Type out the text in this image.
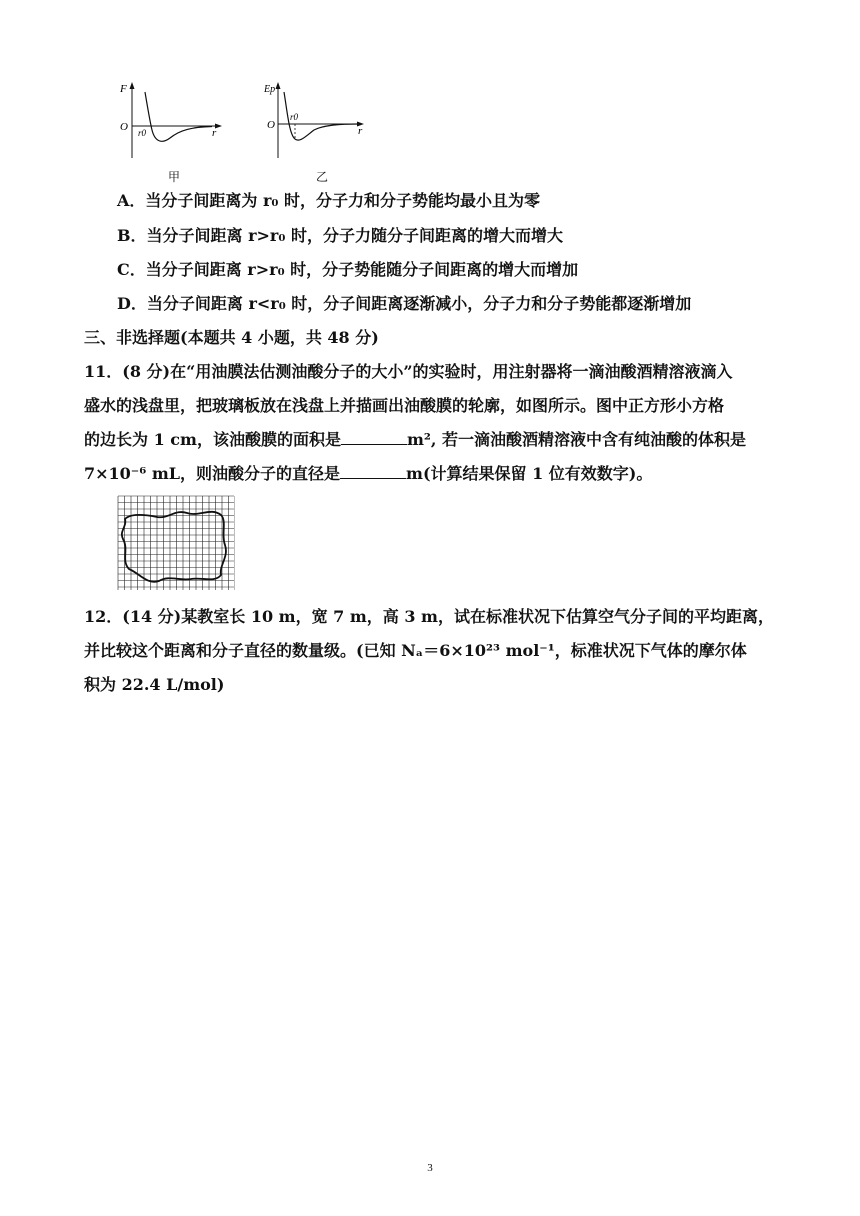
F
O r0	r
甲
Ep
O
r0
r
乙
A．当分子间距离为 r₀ 时，分子力和分子势能均最小且为零
B．当分子间距离 r>r₀ 时，分子力随分子间距离的增大而增大
C．当分子间距离 r>r₀ 时，分子势能随分子间距离的增大而增加
D．当分子间距离 r<r₀ 时，分子间距离逐渐减小，分子力和分子势能都逐渐增加
三、非选择题(本题共 4 小题，共 48 分)
11．(8 分)在“用油膜法估测油酸分子的大小”的实验时，用注射器将一滴油酸酒精溶液滴入
盛水的浅盘里，把玻璃板放在浅盘上并描画出油酸膜的轮廓，如图所示。图中正方形小方格
的边长为 1 cm，该油酸膜的面积是	m², 若一滴油酸酒精溶液中含有纯油酸的体积是
7×10⁻⁶ mL，则油酸分子的直径是	m(计算结果保留 1 位有效数字)。
12．(14 分)某教室长 10 m，宽 7 m，高 3 m，试在标准状况下估算空气分子间的平均距离，
并比较这个距离和分子直径的数量级。(已知 Nₐ＝6×10²³ mol⁻¹，标准状况下气体的摩尔体
积为 22.4 L/mol)
3
